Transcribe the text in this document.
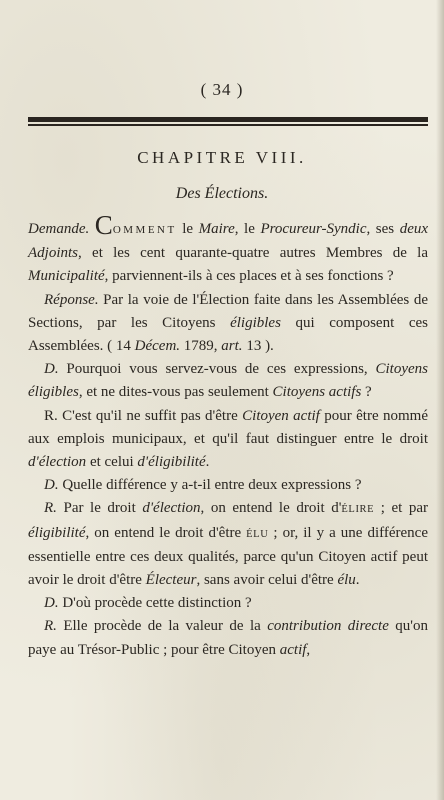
( 34 )
CHAPITRE VIII.
Des Élections.

Demande. COMMENT le Maire, le Procureur-Syndic, ses deux Adjoints, et les cent quarante-quatre autres Membres de la Municipalité, parviennent-ils à ces places et à ses fonctions ?

Réponse. Par la voie de l'Élection faite dans les Assemblées de Sections, par les Citoyens éligibles qui composent ces Assemblées. ( 14 Décem. 1789, art. 13 ).

D. Pourquoi vous servez-vous de ces expressions, Citoyens éligibles, et ne dites-vous pas seulement Citoyens actifs ?

R. C'est qu'il ne suffit pas d'être Citoyen actif pour être nommé aux emplois municipaux, et qu'il faut distinguer entre le droit d'élection et celui d'éligibilité.

D. Quelle différence y a-t-il entre deux expressions ?

R. Par le droit d'élection, on entend le droit d'ÉLIRE ; et par éligibilité, on entend le droit d'être ÉLU ; or, il y a une différence essentielle entre ces deux qualités, parce qu'un Citoyen actif peut avoir le droit d'être Électeur, sans avoir celui d'être élu.

D. D'où procède cette distinction ?

R. Elle procède de la valeur de la contribution directe qu'on paye au Trésor-Public ; pour être Citoyen actif,
